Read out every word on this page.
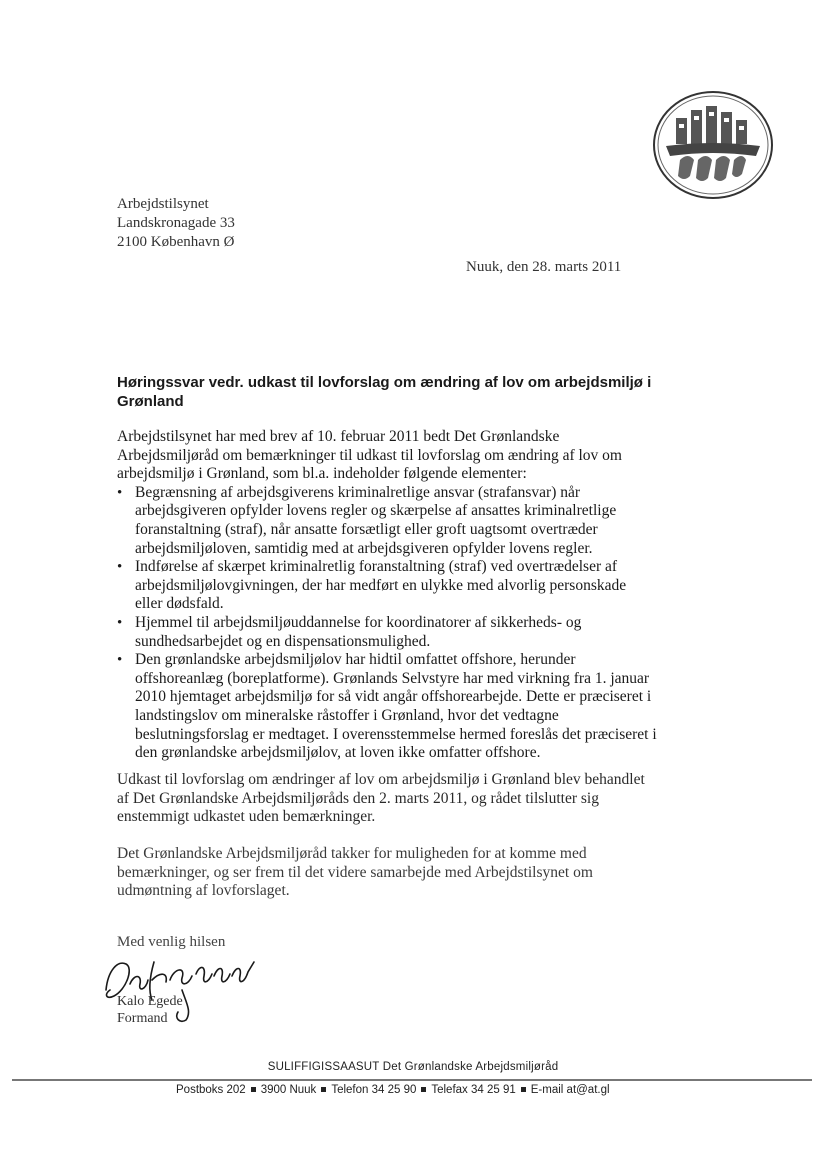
Arbejdstilsynet
Landskronagade 33
2100 København Ø
Nuuk, den 28. marts 2011
Høringssvar vedr. udkast til lovforslag om ændring af lov om arbejdsmiljø i Grønland

Arbejdstilsynet har med brev af 10. februar 2011 bedt Det Grønlandske Arbejdsmiljøråd om bemærkninger til udkast til lovforslag om ændring af lov om arbejdsmiljø i Grønland, som bl.a. indeholder følgende elementer:

• Begrænsning af arbejdsgiverens kriminalretlige ansvar (strafansvar) når arbejdsgiveren opfylder lovens regler og skærpelse af ansattes kriminalretlige foranstaltning (straf), når ansatte forsætligt eller groft uagtsomt overtræder arbejdsmiljøloven, samtidig med at arbejdsgiveren opfylder lovens regler.
• Indførelse af skærpet kriminalretlig foranstaltning (straf) ved overtrædelser af arbejdsmiljølovgivningen, der har medført en ulykke med alvorlig personskade eller dødsfald.
• Hjemmel til arbejdsmiljøuddannelse for koordinatorer af sikkerheds- og sundhedsarbejdet og en dispensationsmulighed.
• Den grønlandske arbejdsmiljølov har hidtil omfattet offshore, herunder offshoreanlæg (boreplatforme). Grønlands Selvstyre har med virkning fra 1. januar 2010 hjemtaget arbejdsmiljø for så vidt angår offshorearbejde. Dette er præciseret i landstingslov om mineralske råstoffer i Grønland, hvor det vedtagne beslutningsforslag er medtaget. I overensstemmelse hermed foreslås det præciseret i den grønlandske arbejdsmiljølov, at loven ikke omfatter offshore.

Udkast til lovforslag om ændringer af lov om arbejdsmiljø i Grønland blev behandlet af Det Grønlandske Arbejdsmiljøråds den 2. marts 2011, og rådet tilslutter sig enstemmigt udkastet uden bemærkninger.

Det Grønlandske Arbejdsmiljøråd takker for muligheden for at komme med bemærkninger, og ser frem til det videre samarbejde med Arbejdstilsynet om udmøntning af lovforslaget.

Med venlig hilsen
Kalo Egede
Formand
SULIFFIGISSAASUT Det Grønlandske Arbejdsmiljøråd
Postboks 202 3900 Nuuk Telefon 34 25 90 Telefax 34 25 91 E-mail at@at.gl
